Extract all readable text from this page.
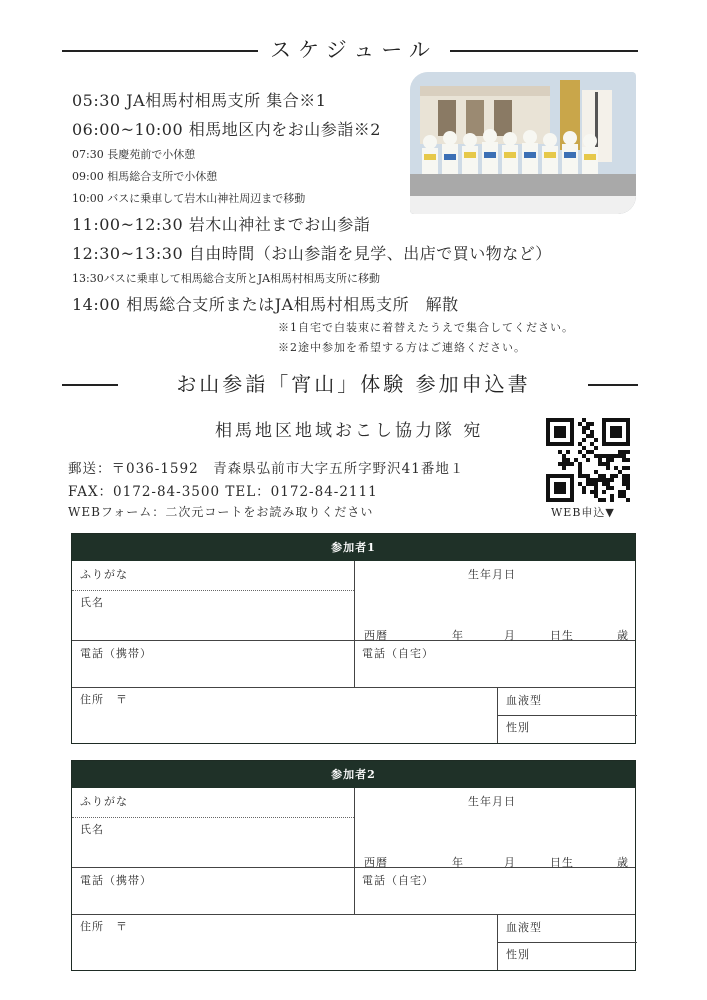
スケジュール
05:30 JA相馬村相馬支所 集合※1
06:00~10:00 相馬地区内をお山参詣※2
07:30 長慶苑前で小休憩
09:00 相馬総合支所で小休憩
10:00 バスに乗車して岩木山神社周辺まで移動
11:00~12:30 岩木山神社までお山参詣
12:30~13:30 自由時間（お山参詣を見学、出店で買い物など）
13:30バスに乗車して相馬総合支所とJA相馬村相馬支所に移動
14:00 相馬総合支所またはJA相馬村相馬支所　解散
※1自宅で白装束に着替えたうえで集合してください。
※2途中参加を希望する方はご連絡ください。
お山参詣「宵山」体験 参加申込書
相馬地区地域おこし協力隊 宛
郵送：〒036-1592　青森県弘前市大字五所字野沢41番地１
FAX：0172-84-3500 TEL：0172-84-2111
WEBフォーム：二次元コートをお読み取りください	WEB申込▼
参加者1
ふりがな
氏名
生年月日
西暦	年	月	日生	歳
電話（携帯）	電話（自宅）
住所　〒	血液型
性別
参加者2
ふりがな
氏名
生年月日
西暦	年	月	日生	歳
電話（携帯）	電話（自宅）
住所　〒	血液型
性別
